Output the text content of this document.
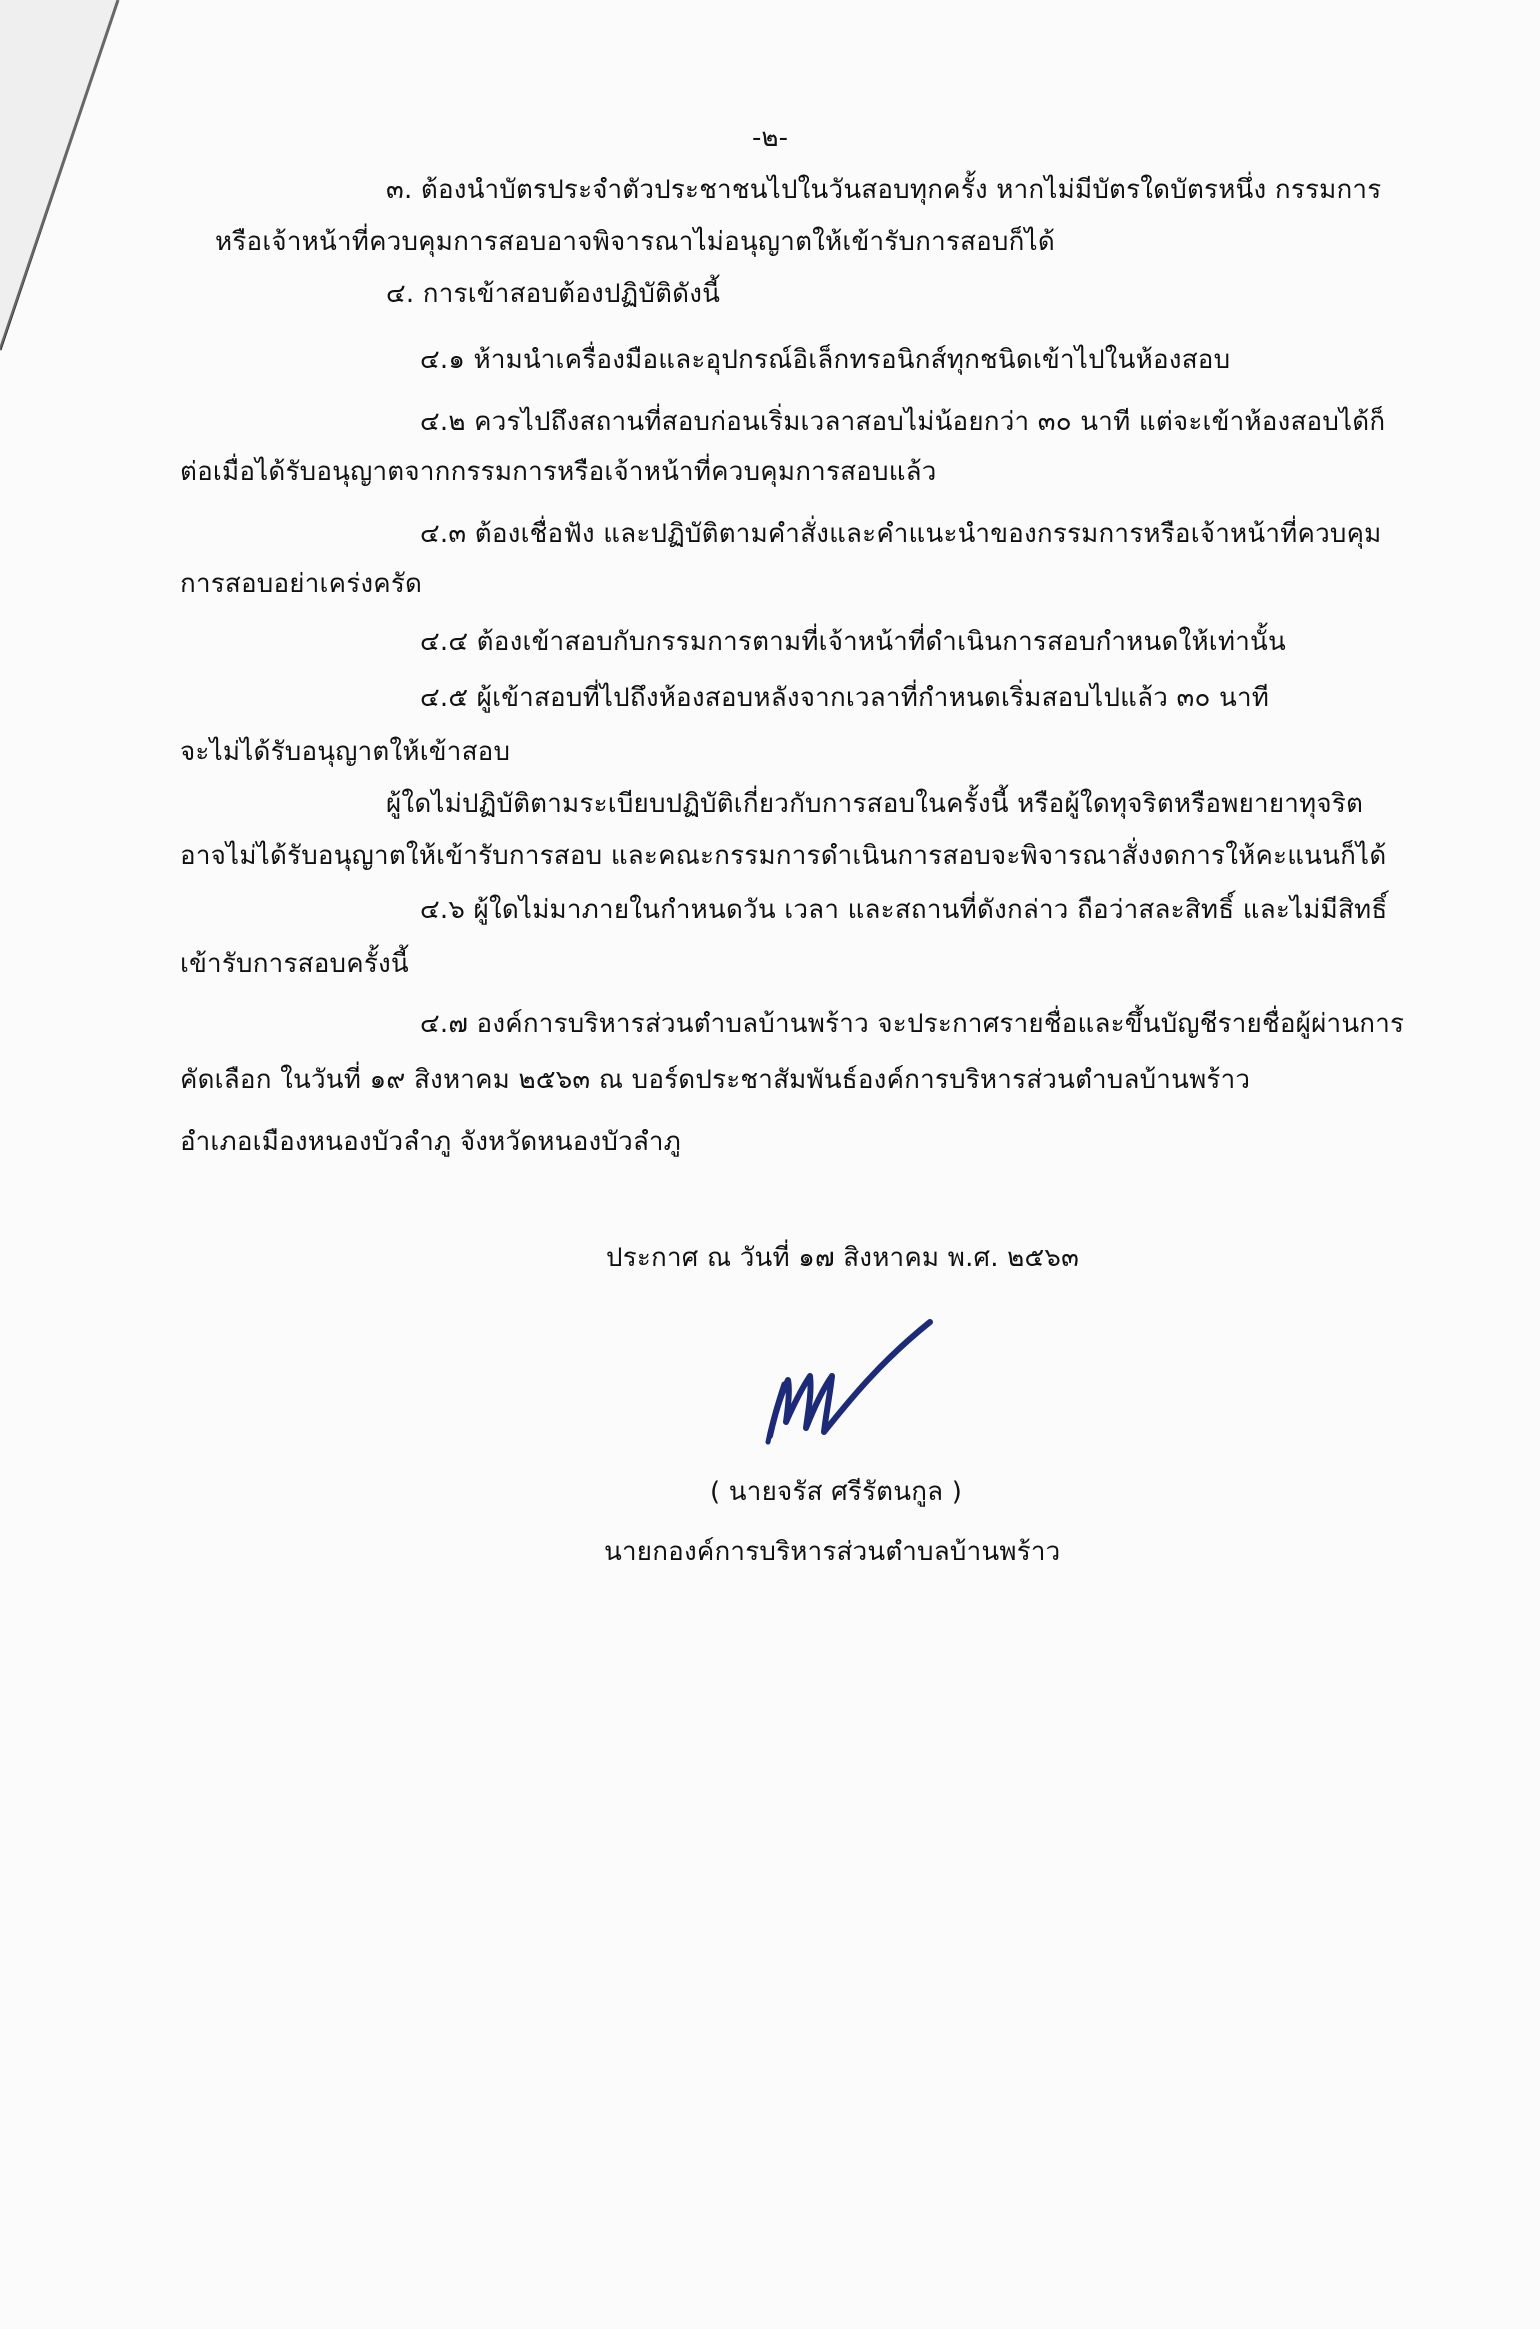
-๒-
๓. ต้องนำบัตรประจำตัวประชาชนไปในวันสอบทุกครั้ง หากไม่มีบัตรใดบัตรหนึ่ง กรรมการ
หรือเจ้าหน้าที่ควบคุมการสอบอาจพิจารณาไม่อนุญาตให้เข้ารับการสอบก็ได้
๔. การเข้าสอบต้องปฏิบัติดังนี้
๔.๑ ห้ามนำเครื่องมือและอุปกรณ์อิเล็กทรอนิกส์ทุกชนิดเข้าไปในห้องสอบ
๔.๒ ควรไปถึงสถานที่สอบก่อนเริ่มเวลาสอบไม่น้อยกว่า ๓๐ นาที แต่จะเข้าห้องสอบได้ก็
ต่อเมื่อได้รับอนุญาตจากกรรมการหรือเจ้าหน้าที่ควบคุมการสอบแล้ว
๔.๓ ต้องเชื่อฟัง และปฏิบัติตามคำสั่งและคำแนะนำของกรรมการหรือเจ้าหน้าที่ควบคุม
การสอบอย่าเคร่งครัด
๔.๔ ต้องเข้าสอบกับกรรมการตามที่เจ้าหน้าที่ดำเนินการสอบกำหนดให้เท่านั้น
๔.๕ ผู้เข้าสอบที่ไปถึงห้องสอบหลังจากเวลาที่กำหนดเริ่มสอบไปแล้ว ๓๐ นาที
จะไม่ได้รับอนุญาตให้เข้าสอบ
ผู้ใดไม่ปฏิบัติตามระเบียบปฏิบัติเกี่ยวกับการสอบในครั้งนี้ หรือผู้ใดทุจริตหรือพยายาทุจริต
อาจไม่ได้รับอนุญาตให้เข้ารับการสอบ และคณะกรรมการดำเนินการสอบจะพิจารณาสั่งงดการให้คะแนนก็ได้
๔.๖ ผู้ใดไม่มาภายในกำหนดวัน เวลา และสถานที่ดังกล่าว ถือว่าสละสิทธิ์ และไม่มีสิทธิ์
เข้ารับการสอบครั้งนี้
๔.๗ องค์การบริหารส่วนตำบลบ้านพร้าว จะประกาศรายชื่อและขึ้นบัญชีรายชื่อผู้ผ่านการ
คัดเลือก ในวันที่ ๑๙ สิงหาคม ๒๕๖๓ ณ บอร์ดประชาสัมพันธ์องค์การบริหารส่วนตำบลบ้านพร้าว
อำเภอเมืองหนองบัวลำภู จังหวัดหนองบัวลำภู
ประกาศ ณ วันที่ ๑๗ สิงหาคม พ.ศ. ๒๕๖๓
( นายจรัส ศรีรัตนกูล )
นายกองค์การบริหารส่วนตำบลบ้านพร้าว
